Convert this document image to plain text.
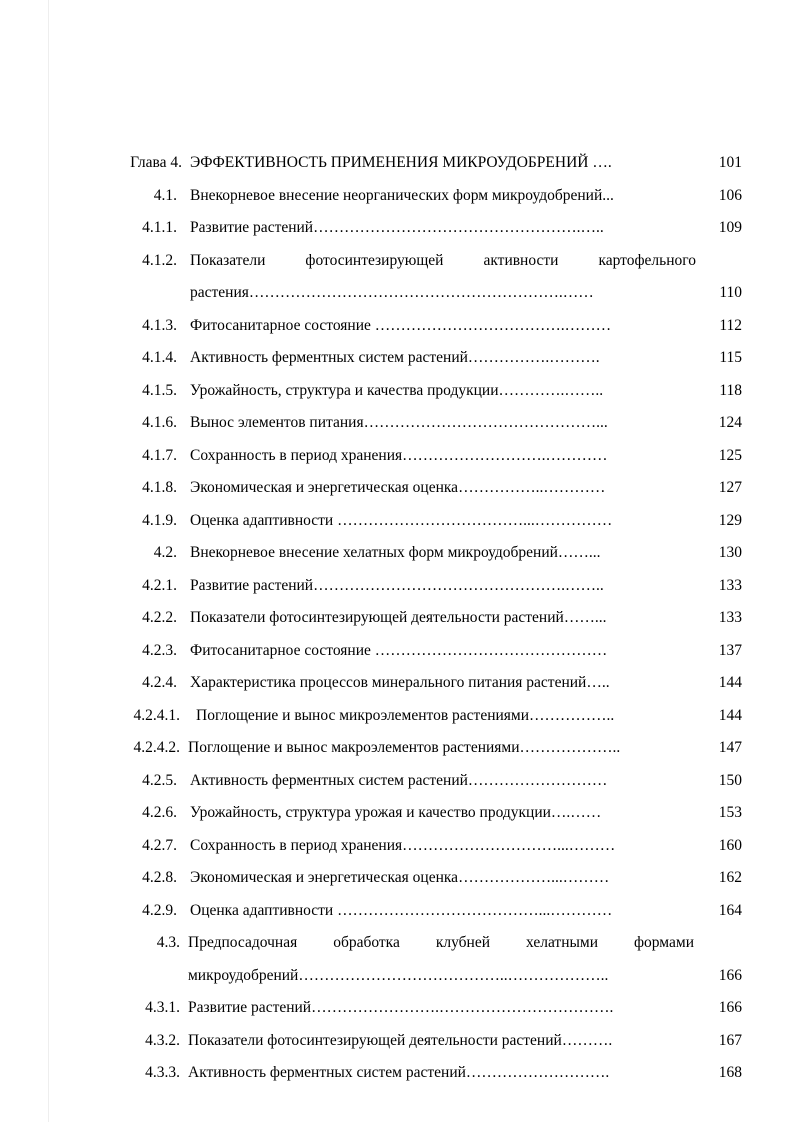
Глава 4. ЭФФЕКТИВНОСТЬ ПРИМЕНЕНИЯ МИКРОУДОБРЕНИЙ ….	101
4.1. Внекорневое внесение неорганических форм микроудобрений...	106
4.1.1. Развитие растений…………………………………………….…..	109
4.1.2. Показатели фотосинтезирующей активности картофельного
растения…………………………………………………….……	110
4.1.3. Фитосанитарное состояние ……………………………….………	112
4.1.4. Активность ферментных систем растений…………….……….	115
4.1.5. Урожайность, структура и качества продукции………….……..	118
4.1.6. Вынос элементов питания………………………………………...	124
4.1.7. Сохранность в период хранения……………………….…………	125
4.1.8. Экономическая и энергетическая оценка……………..…………	127
4.1.9. Оценка адаптивности ………………………………...……………	129
4.2. Внекорневое внесение хелатных форм микроудобрений……...	130
4.2.1. Развитие растений………………………………………….……..	133
4.2.2. Показатели фотосинтезирующей деятельности растений……...	133
4.2.3. Фитосанитарное состояние ………………………………………	137
4.2.4. Характеристика процессов минерального питания растений…..	144
4.2.4.1. Поглощение и вынос микроэлементов растениями……………..	144
4.2.4.2. Поглощение и вынос макроэлементов растениями………………..	147
4.2.5. Активность ферментных систем растений………………………	150
4.2.6. Урожайность, структура урожая и качество продукции….……	153
4.2.7. Сохранность в период хранения…………………………...………	160
4.2.8. Экономическая и энергетическая оценка………………...………	162
4.2.9. Оценка адаптивности …………………………………...…………	164
4.3. Предпосадочная обработка клубней хелатными формами
микроудобрений…………………………………..………………..	166
4.3.1. Развитие растений…………………….…………………………….	166
4.3.2. Показатели фотосинтезирующей деятельности растений……….	167
4.3.3. Активность ферментных систем растений……………………….	168
